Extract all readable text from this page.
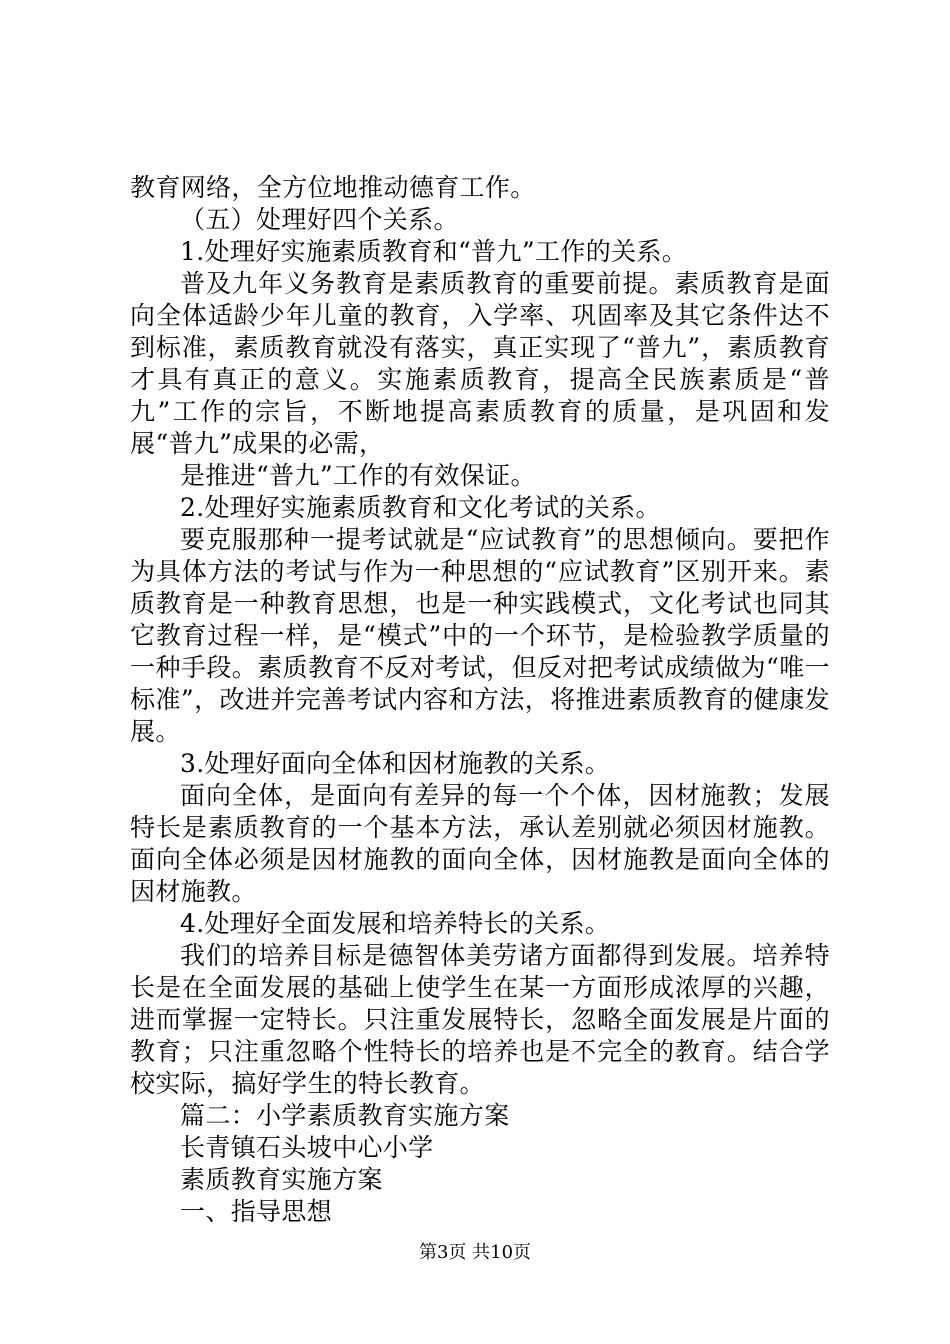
教育网络，全方位地推动德育工作。

（五）处理好四个关系。

1.处理好实施素质教育和“普九”工作的关系。

普及九年义务教育是素质教育的重要前提。素质教育是面向全体适龄少年儿童的教育，入学率、巩固率及其它条件达不到标准，素质教育就没有落实，真正实现了“普九”，素质教育才具有真正的意义。实施素质教育，提高全民族素质是“普九”工作的宗旨，不断地提高素质教育的质量，是巩固和发展“普九”成果的必需，

是推进“普九”工作的有效保证。

2.处理好实施素质教育和文化考试的关系。

要克服那种一提考试就是“应试教育”的思想倾向。要把作为具体方法的考试与作为一种思想的“应试教育”区别开来。素质教育是一种教育思想，也是一种实践模式，文化考试也同其它教育过程一样，是“模式”中的一个环节，是检验教学质量的一种手段。素质教育不反对考试，但反对把考试成绩做为“唯一标准”，改进并完善考试内容和方法，将推进素质教育的健康发展。

3.处理好面向全体和因材施教的关系。

面向全体，是面向有差异的每一个个体，因材施教；发展特长是素质教育的一个基本方法，承认差别就必须因材施教。面向全体必须是因材施教的面向全体，因材施教是面向全体的因材施教。

4.处理好全面发展和培养特长的关系。

我们的培养目标是德智体美劳诸方面都得到发展。培养特长是在全面发展的基础上使学生在某一方面形成浓厚的兴趣，进而掌握一定特长。只注重发展特长，忽略全面发展是片面的教育；只注重忽略个性特长的培养也是不完全的教育。结合学校实际，搞好学生的特长教育。

篇二：小学素质教育实施方案

长青镇石头坡中心小学

素质教育实施方案

一、指导思想

第3页 共10页
